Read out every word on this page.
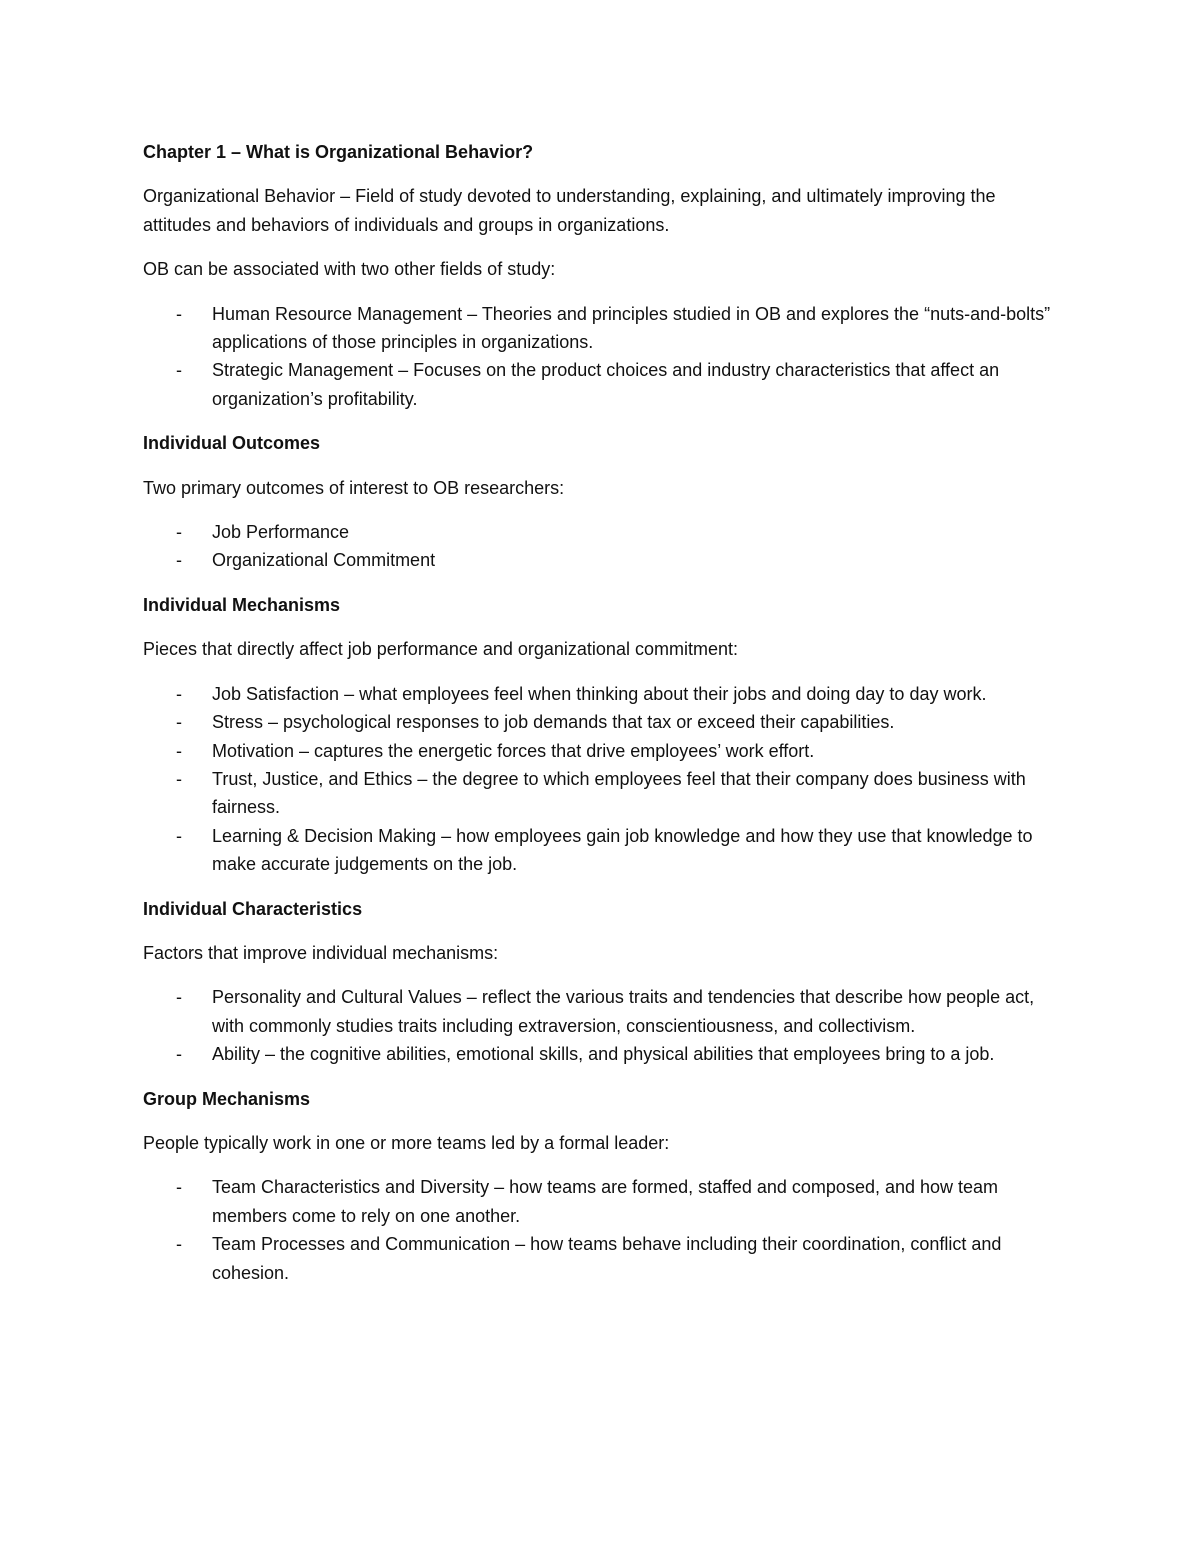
Chapter 1 – What is Organizational Behavior?
Organizational Behavior – Field of study devoted to understanding, explaining, and ultimately improving the attitudes and behaviors of individuals and groups in organizations.
OB can be associated with two other fields of study:
- Human Resource Management – Theories and principles studied in OB and explores the “nuts-and-bolts” applications of those principles in organizations.
- Strategic Management – Focuses on the product choices and industry characteristics that affect an organization’s profitability.
Individual Outcomes
Two primary outcomes of interest to OB researchers:
- Job Performance
- Organizational Commitment
Individual Mechanisms
Pieces that directly affect job performance and organizational commitment:
- Job Satisfaction – what employees feel when thinking about their jobs and doing day to day work.
- Stress – psychological responses to job demands that tax or exceed their capabilities.
- Motivation – captures the energetic forces that drive employees’ work effort.
- Trust, Justice, and Ethics – the degree to which employees feel that their company does business with fairness.
- Learning & Decision Making – how employees gain job knowledge and how they use that knowledge to make accurate judgements on the job.
Individual Characteristics
Factors that improve individual mechanisms:
- Personality and Cultural Values – reflect the various traits and tendencies that describe how people act, with commonly studies traits including extraversion, conscientiousness, and collectivism.
- Ability – the cognitive abilities, emotional skills, and physical abilities that employees bring to a job.
Group Mechanisms
People typically work in one or more teams led by a formal leader:
- Team Characteristics and Diversity – how teams are formed, staffed and composed, and how team members come to rely on one another.
- Team Processes and Communication – how teams behave including their coordination, conflict and cohesion.
